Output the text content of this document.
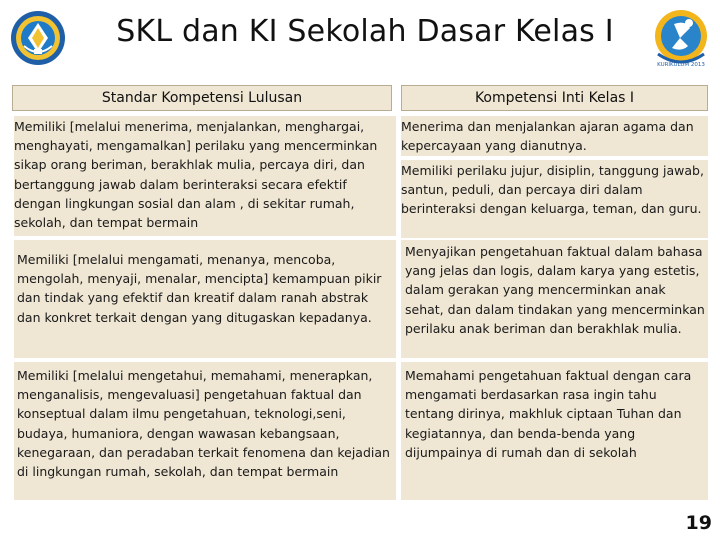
KURIKULUM 2013
SKL dan KI Sekolah Dasar Kelas I
Standar Kompetensi Lulusan	Kompetensi Inti Kelas I

Memiliki [melalui menerima, menjalankan, menghargai, menghayati, mengamalkan] perilaku yang mencerminkan sikap orang beriman, berakhlak mulia, percaya diri, dan bertanggung jawab dalam berinteraksi secara efektif dengan lingkungan sosial dan alam , di sekitar rumah, sekolah, dan tempat bermain

Menerima dan menjalankan ajaran agama dan kepercayaan yang dianutnya.

Memiliki perilaku jujur, disiplin, tanggung jawab, santun, peduli, dan percaya diri dalam berinteraksi dengan keluarga, teman, dan guru.

Memiliki [melalui mengamati, menanya, mencoba, mengolah, menyaji, menalar, mencipta] kemampuan pikir dan tindak yang efektif dan kreatif dalam ranah abstrak dan konkret terkait dengan yang ditugaskan kepadanya.

Menyajikan pengetahuan faktual dalam bahasa yang jelas dan logis, dalam karya yang estetis, dalam gerakan yang mencerminkan anak sehat, dan dalam tindakan yang mencerminkan perilaku anak beriman dan berakhlak mulia.

Memiliki [melalui mengetahui, memahami, menerapkan, menganalisis, mengevaluasi] pengetahuan faktual dan konseptual dalam ilmu pengetahuan, teknologi,seni, budaya, humaniora, dengan wawasan kebangsaan, kenegaraan, dan peradaban terkait fenomena dan kejadian di lingkungan rumah, sekolah, dan tempat bermain

Memahami pengetahuan faktual dengan cara mengamati berdasarkan rasa ingin tahu tentang dirinya, makhluk ciptaan Tuhan dan kegiatannya, dan benda-benda yang dijumpainya di rumah dan di sekolah

19
